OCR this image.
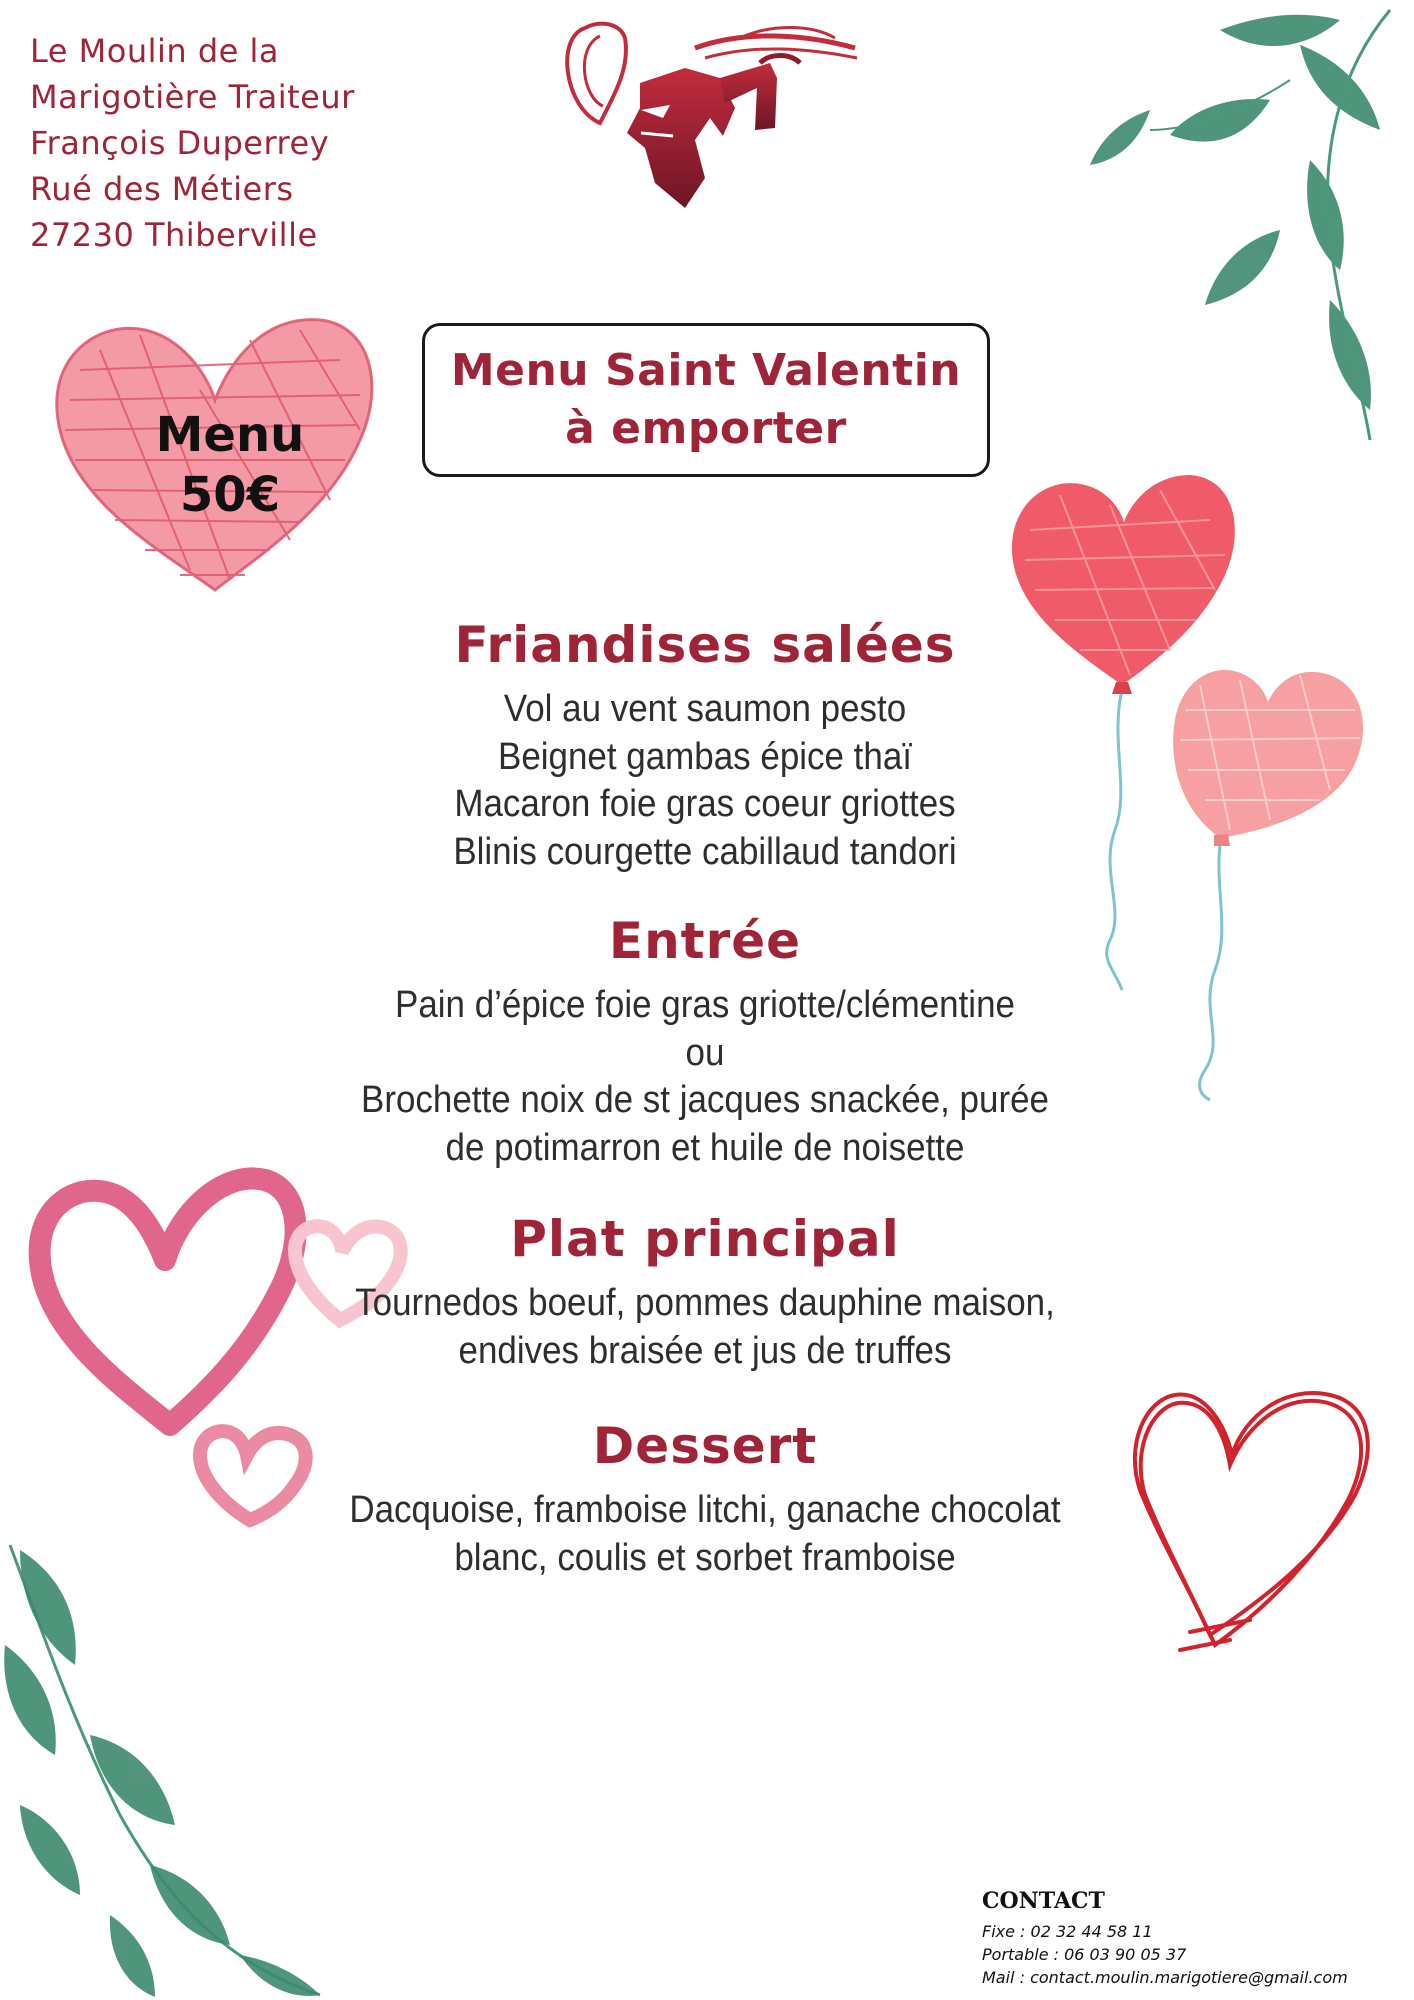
Le Moulin de la
Marigotière Traiteur
François Duperrey
Rué des Métiers
27230 Thiberville
Menu
50€
Menu Saint Valentin
à emporter
Friandises salées
Vol au vent saumon pesto
Beignet gambas épice thaï
Macaron foie gras coeur griottes
Blinis courgette cabillaud tandori
Entrée
Pain d’épice foie gras griotte/clémentine
ou
Brochette noix de st jacques snackée, purée
de potimarron et huile de noisette
Plat principal
Tournedos boeuf, pommes dauphine maison,
endives braisée et jus de truffes
Dessert
Dacquoise, framboise litchi, ganache chocolat
blanc, coulis et sorbet framboise
CONTACT
Fixe : 02 32 44 58 11
Portable : 06 03 90 05 37
Mail : contact.moulin.marigotiere@gmail.com
